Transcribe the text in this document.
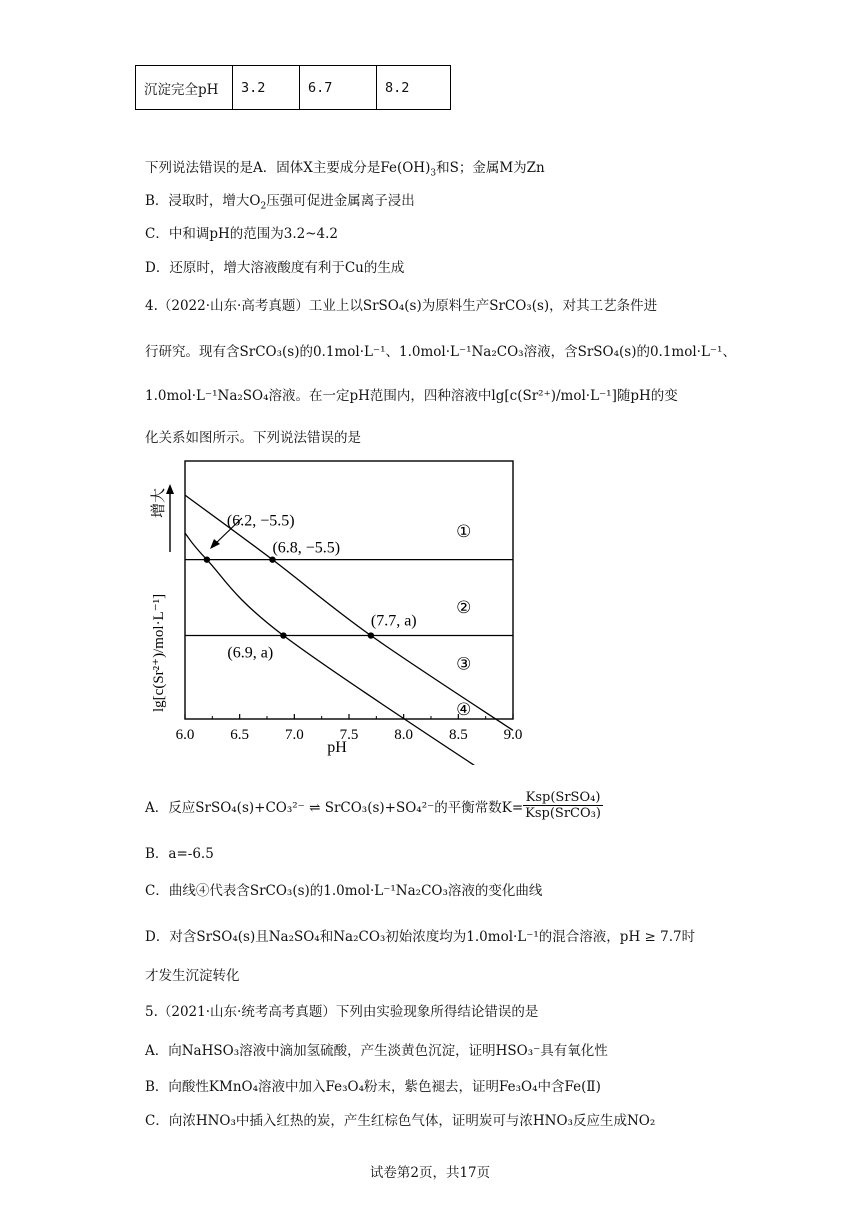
沉淀完全pH	3.2	6.7	8.2
下列说法错误的是A．固体X主要成分是$Fe(OH)_3$和S；金属M为Zn
B．浸取时，增大$O_2$压强可促进金属离子浸出
C．中和调pH的范围为3.2~4.2
D．还原时，增大溶液酸度有利于Cu的生成
4.（2022·山东·高考真题）工业上以SrSO₄(s)为原料生产SrCO₃(s)，对其工艺条件进
行研究。现有含SrCO₃(s)的0.1mol·L⁻¹、1.0mol·L⁻¹Na₂CO₃溶液，含SrSO₄(s)的0.1mol·L⁻¹、
1.0mol·L⁻¹Na₂SO₄溶液。在一定pH范围内，四种溶液中lg[c(Sr²⁺)/mol·L⁻¹]随pH的变
化关系如图所示。下列说法错误的是
①
②
③
④
(6.2, −5.5)
(6.8, −5.5)
(7.7, a)
(6.9, a)
6.0 6.5 7.0 7.5 8.0 8.5 9.0
lg[c(Sr²⁺)/mol·L⁻¹]
增大
pH
A．反应SrSO₄(s)+CO₃²⁻ ⇌ SrCO₃(s)+SO₄²⁻的平衡常数$K= \frac{\text{Ksp(SrSO₄)}}{\text{Ksp(SrCO₃)}}$
B．a=-6.5
C．曲线④代表含SrCO₃(s)的1.0mol·L⁻¹Na₂CO₃溶液的变化曲线
D．对含SrSO₄(s)且Na₂SO₄和Na₂CO₃初始浓度均为1.0mol·L⁻¹的混合溶液，pH ≥ 7.7时
才发生沉淀转化
5.（2021·山东·统考高考真题）下列由实验现象所得结论错误的是
A．向NaHSO₃溶液中滴加氢硫酸，产生淡黄色沉淀，证明HSO₃⁻具有氧化性
B．向酸性KMnO₄溶液中加入Fe₃O₄粉末，紫色褪去，证明Fe₃O₄中含Fe(Ⅱ)
C．向浓HNO₃中插入红热的炭，产生红棕色气体，证明炭可与浓HNO₃反应生成NO₂
试卷第2页，共17页
